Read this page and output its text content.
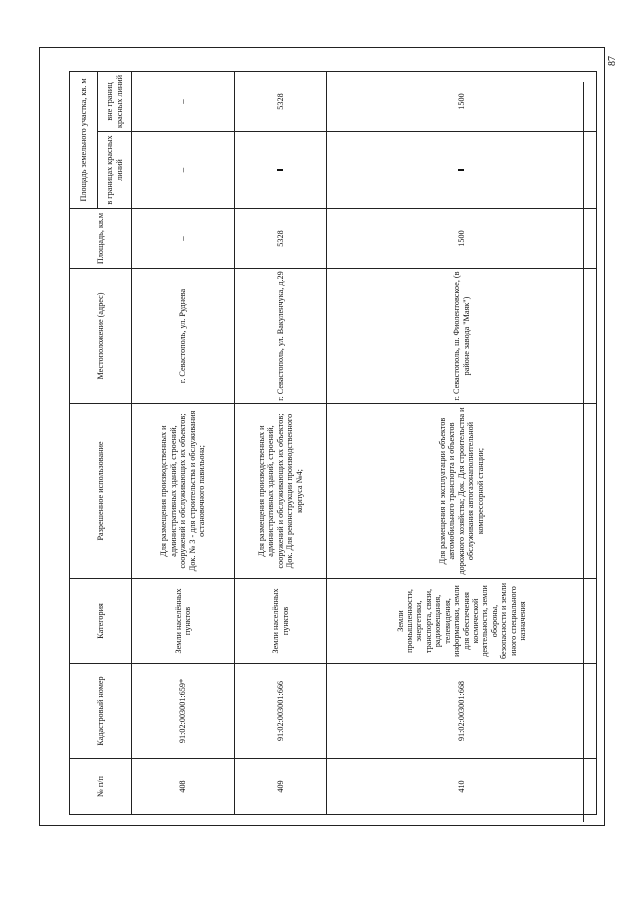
87
№ п/п	Кадастровый номер	Категория	Разрешенное использование	Местоположение (адрес)	Площадь, кв.м	Площадь земельного участка, кв. м	
						в границах красных линий	вне границ красных линий
408	91:02:003001:659*	Земли населённых пунктов	Для размещения производственных и административных зданий, строений, сооружений и обслуживающих их объектов; Док. № 3 - для строительства и обслуживания остановочного павильона;	г. Севастополь, ул. Руднева	–	–	–
409	91:02:003001:666	Земли населённых пунктов	Для размещения производственных и административных зданий, строений, сооружений и обслуживающих их объектов; Док. Для реконструкции производственного корпуса №4;	г. Севастополь, ул. Вакуленчука, д.29	5328		5328
410	91:02:003001:668	Земли промышленности, энергетики, транспорта, связи, радиовещания, телевидения, информатики, земли для обеспечения космической деятельности, земли обороны, безопасности и земли иного специального назначения	Для размещения и эксплуатации объектов автомобильного транспорта и объектов дорожного хозяйства; Док. Для строительства и обслуживания автогазонаполнительной компрессорной станции;	г. Севастополь, ш. Фиолентовское, (в районе завода "Маяк")	1500		1500
